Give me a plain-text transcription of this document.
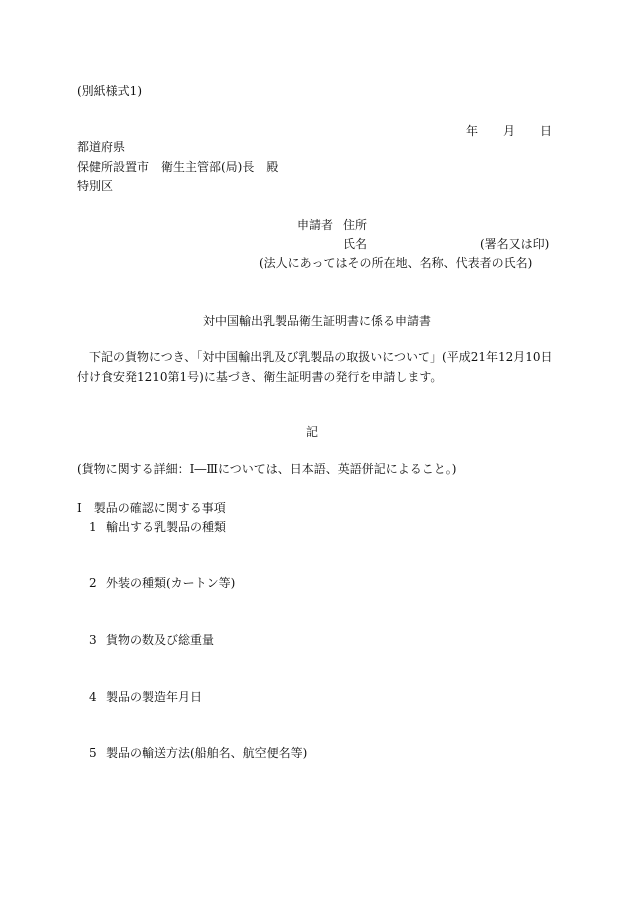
(別紙様式1)
年 月 日
都道府県
保健所設置市　衛生主管部(局)長　殿
特別区
申請者 住所
氏名	(署名又は印)
(法人にあってはその所在地、名称、代表者の氏名)
対中国輸出乳製品衛生証明書に係る申請書
下記の貨物につき、「対中国輸出乳及び乳製品の取扱いについて」(平成21年12月10日
付け食安発1210第1号)に基づき、衛生証明書の発行を申請します。
記
(貨物に関する詳細：Ⅰ―Ⅲについては、日本語、英語併記によること。)
Ⅰ　製品の確認に関する事項
1 輸出する乳製品の種類
2 外装の種類(カートン等)
3 貨物の数及び総重量
4 製品の製造年月日
5 製品の輸送方法(船舶名、航空便名等)
